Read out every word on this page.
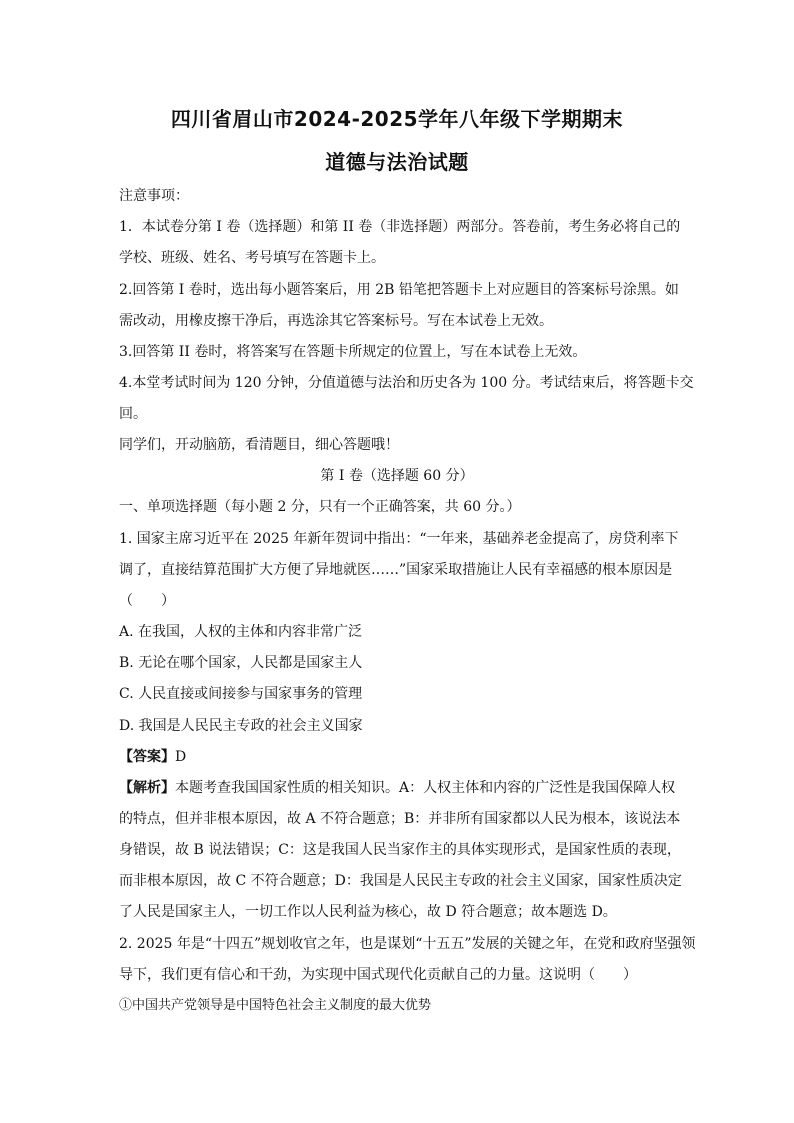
四川省眉山市2024-2025学年八年级下学期期末
道德与法治试题
注意事项：
1．本试卷分第 I 卷（选择题）和第 II 卷（非选择题）两部分。答卷前，考生务必将自己的
学校、班级、姓名、考号填写在答题卡上。
2.回答第 I 卷时，选出每小题答案后，用 2B 铅笔把答题卡上对应题目的答案标号涂黑。如
需改动，用橡皮擦干净后，再选涂其它答案标号。写在本试卷上无效。
3.回答第 II 卷时，将答案写在答题卡所规定的位置上，写在本试卷上无效。
4.本堂考试时间为 120 分钟，分值道德与法治和历史各为 100 分。考试结束后，将答题卡交
回。
同学们，开动脑筋，看清题目，细心答题哦！
第 I 卷（选择题 60 分）
一、单项选择题（每小题 2 分，只有一个正确答案，共 60 分。）
1. 国家主席习近平在 2025 年新年贺词中指出：“一年来，基础养老金提高了，房贷利率下
调了，直接结算范围扩大方便了异地就医……”国家采取措施让人民有幸福感的根本原因是
（　　）
A. 在我国，人权的主体和内容非常广泛
B. 无论在哪个国家，人民都是国家主人
C. 人民直接或间接参与国家事务的管理
D. 我国是人民民主专政的社会主义国家
【答案】D
【解析】本题考查我国国家性质的相关知识。A：人权主体和内容的广泛性是我国保障人权
的特点，但并非根本原因，故 A 不符合题意；B：并非所有国家都以人民为根本，该说法本
身错误，故 B 说法错误；C：这是我国人民当家作主的具体实现形式，是国家性质的表现，
而非根本原因，故 C 不符合题意；D：我国是人民民主专政的社会主义国家，国家性质决定
了人民是国家主人，一切工作以人民利益为核心，故 D 符合题意；故本题选 D。
2. 2025 年是“十四五”规划收官之年，也是谋划“十五五”发展的关键之年，在党和政府坚强领
导下，我们更有信心和干劲，为实现中国式现代化贡献自己的力量。这说明（　　）
①中国共产党领导是中国特色社会主义制度的最大优势
